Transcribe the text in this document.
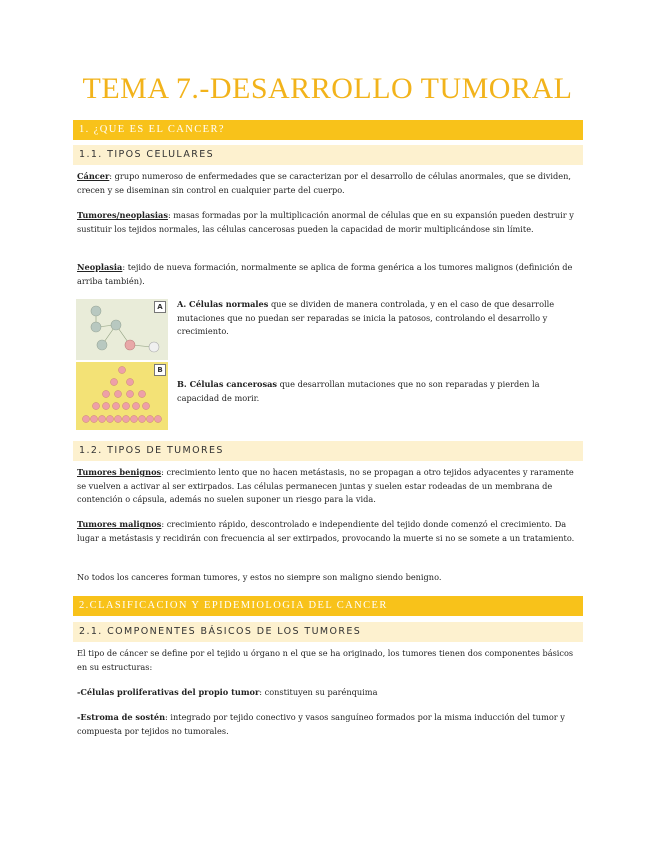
TEMA 7.-DESARROLLO TUMORAL
1. ¿QUE ES EL CANCER?
1.1. TIPOS CELULARES

Cáncer: grupo numeroso de enfermedades que se caracterizan por el desarrollo de células anormales, que se dividen, crecen y se diseminan sin control en cualquier parte del cuerpo.

Tumores/neoplasias: masas formadas por la multiplicación anormal de células que en su expansión pueden destruir y sustituir los tejidos normales, las células cancerosas pueden la capacidad de morir multiplicándose sin límite.

Neoplasia: tejido de nueva formación, normalmente se aplica de forma genérica a los tumores malignos (definición de arriba también).

A
B

A. Células normales que se dividen de manera controlada, y en el caso de que desarrolle mutaciones que no puedan ser reparadas se inicia la patosos, controlando el desarrollo y crecimiento.

B. Células cancerosas que desarrollan mutaciones que no son reparadas y pierden la capacidad de morir.

1.2. TIPOS DE TUMORES

Tumores benignos: crecimiento lento que no hacen metástasis, no se propagan a otro tejidos adyacentes y raramente se vuelven a activar al ser extirpados. Las células permanecen juntas y suelen estar rodeadas de un membrana de contención o cápsula, además no suelen suponer un riesgo para la vida.

Tumores malignos: crecimiento rápido, descontrolado e independiente del tejido donde comenzó el crecimiento. Da lugar a metástasis y recidirán con frecuencia al ser extirpados, provocando la muerte si no se somete a un tratamiento.

No todos los canceres forman tumores, y estos no siempre son maligno siendo benigno.

2.CLASIFICACION Y EPIDEMIOLOGIA DEL CANCER
2.1. COMPONENTES BÁSICOS DE LOS TUMORES

El tipo de cáncer se define por el tejido u órgano n el que se ha originado, los tumores tienen dos componentes básicos en su estructuras:

-Células proliferativas del propio tumor: constituyen su parénquima

-Estroma de sostén: integrado por tejido conectivo y vasos sanguíneo formados por la misma inducción del tumor y compuesta por tejidos no tumorales.
